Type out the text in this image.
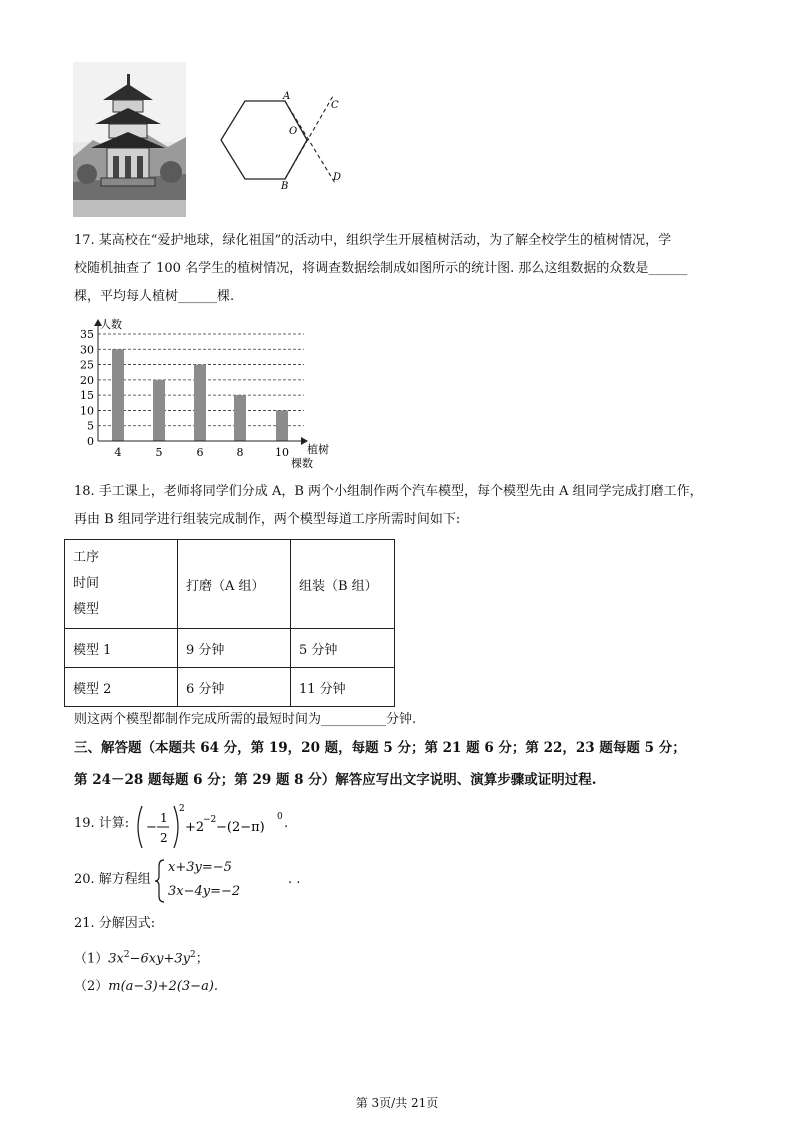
A
B
O
C
D
17. 某高校在“爱护地球，绿化祖国”的活动中，组织学生开展植树活动，为了解全校学生的植树情况，学
校随机抽查了 100 名学生的植树情况，将调查数据绘制成如图所示的统计图. 那么这组数据的众数是______
棵，平均每人植树______棵.
0
5
10
15
20
25
30
35
4	5	6	8	10
人数
植树
棵数
18. 手工课上，老师将同学们分成 A，B 两个小组制作两个汽车模型，每个模型先由 A 组同学完成打磨工作，
再由 B 组同学进行组装完成制作，两个模型每道工序所需时间如下:
工序
时间
模型	打磨（A 组）	组装（B 组）
模型 1	9 分钟	5 分钟
模型 2	6 分钟	11 分钟
则这两个模型都制作完成所需的最短时间为__________分钟.
三、解答题（本题共 64 分，第 19，20 题，每题 5 分；第 21 题 6 分；第 22，23 题每题 5 分；
第 24－28 题每题 6 分；第 29 题 8 分）解答应写出文字说明、演算步骤或证明过程.
19. 计算: −
1
2
2
+2
−2 −(2−π)
0 .
20. 解方程组
x+3y=−5
3x−4y=−2
. .
21. 分解因式:
$(1)3x^2-6xy+3y^2$；
（2）m(a−3)+2(3−a).
第 3页/共 21页
